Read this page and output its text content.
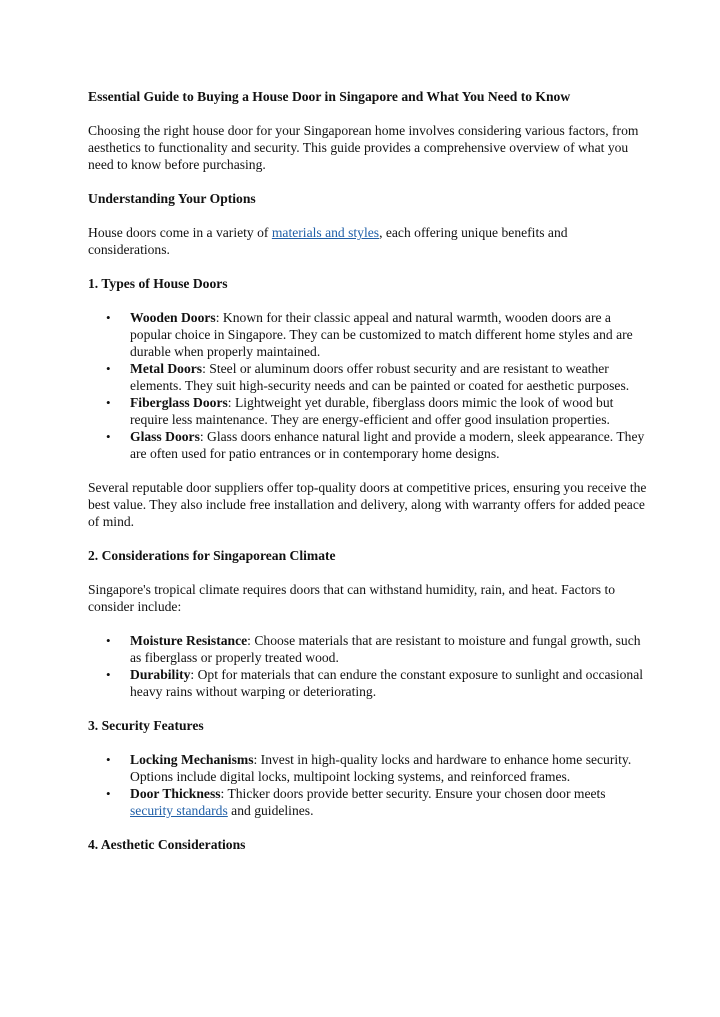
Essential Guide to Buying a House Door in Singapore and What You Need to Know

Choosing the right house door for your Singaporean home involves considering various factors, from aesthetics to functionality and security. This guide provides a comprehensive overview of what you need to know before purchasing.

Understanding Your Options

House doors come in a variety of materials and styles, each offering unique benefits and considerations.

1. Types of House Doors

• Wooden Doors: Known for their classic appeal and natural warmth, wooden doors are a popular choice in Singapore. They can be customized to match different home styles and are durable when properly maintained.
• Metal Doors: Steel or aluminum doors offer robust security and are resistant to weather elements. They suit high-security needs and can be painted or coated for aesthetic purposes.
• Fiberglass Doors: Lightweight yet durable, fiberglass doors mimic the look of wood but require less maintenance. They are energy-efficient and offer good insulation properties.
• Glass Doors: Glass doors enhance natural light and provide a modern, sleek appearance. They are often used for patio entrances or in contemporary home designs.

Several reputable door suppliers offer top-quality doors at competitive prices, ensuring you receive the best value. They also include free installation and delivery, along with warranty offers for added peace of mind.

2. Considerations for Singaporean Climate

Singapore's tropical climate requires doors that can withstand humidity, rain, and heat. Factors to consider include:

• Moisture Resistance: Choose materials that are resistant to moisture and fungal growth, such as fiberglass or properly treated wood.
• Durability: Opt for materials that can endure the constant exposure to sunlight and occasional heavy rains without warping or deteriorating.

3. Security Features

• Locking Mechanisms: Invest in high-quality locks and hardware to enhance home security. Options include digital locks, multipoint locking systems, and reinforced frames.
• Door Thickness: Thicker doors provide better security. Ensure your chosen door meets security standards and guidelines.

4. Aesthetic Considerations
